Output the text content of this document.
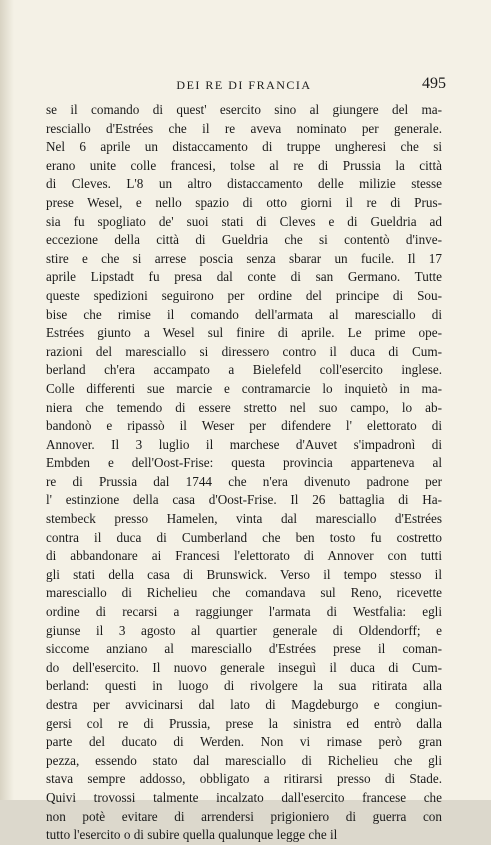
DEI RE DI FRANCIA	495
se il comando di quest' esercito sino al giungere del ma-
resciallo d'Estrées che il re aveva nominato per generale.
Nel 6 aprile un distaccamento di truppe ungheresi che si
erano unite colle francesi, tolse al re di Prussia la città
di Cleves. L'8 un altro distaccamento delle milizie stesse
prese Wesel, e nello spazio di otto giorni il re di Prus-
sia fu spogliato de' suoi stati di Cleves e di Gueldria ad
eccezione della città di Gueldria che si contentò d'inve-
stire e che si arrese poscia senza sbarar un fucile. Il 17
aprile Lipstadt fu presa dal conte di san Germano. Tutte
queste spedizioni seguirono per ordine del principe di Sou-
bise che rimise il comando dell'armata al maresciallo di
Estrées giunto a Wesel sul finire di aprile. Le prime ope-
razioni del maresciallo si diressero contro il duca di Cum-
berland ch'era accampato a Bielefeld coll'esercito inglese.
Colle differenti sue marcie e contramarcie lo inquietò in ma-
niera che temendo di essere stretto nel suo campo, lo ab-
bandonò e ripassò il Weser per difendere l' elettorato di
Annover. Il 3 luglio il marchese d'Auvet s'impadronì di
Embden e dell'Oost-Frise: questa provincia apparteneva al
re di Prussia dal 1744 che n'era divenuto padrone per
l' estinzione della casa d'Oost-Frise. Il 26 battaglia di Ha-
stembeck presso Hamelen, vinta dal maresciallo d'Estrées
contra il duca di Cumberland che ben tosto fu costretto
di abbandonare ai Francesi l'elettorato di Annover con tutti
gli stati della casa di Brunswick. Verso il tempo stesso il
maresciallo di Richelieu che comandava sul Reno, ricevette
ordine di recarsi a raggiunger l'armata di Westfalia: egli
giunse il 3 agosto al quartier generale di Oldendorff; e
siccome anziano al maresciallo d'Estrées prese il coman-
do dell'esercito. Il nuovo generale inseguì il duca di Cum-
berland: questi in luogo di rivolgere la sua ritirata alla
destra per avvicinarsi dal lato di Magdeburgo e congiun-
gersi col re di Prussia, prese la sinistra ed entrò dalla
parte del ducato di Werden. Non vi rimase però gran
pezza, essendo stato dal maresciallo di Richelieu che gli
stava sempre addosso, obbligato a ritirarsi presso di Stade.
Quivi trovossi talmente incalzato dall'esercito francese che
non potè evitare di arrendersi prigioniero di guerra con
tutto l'esercito o di subire quella qualunque legge che il
